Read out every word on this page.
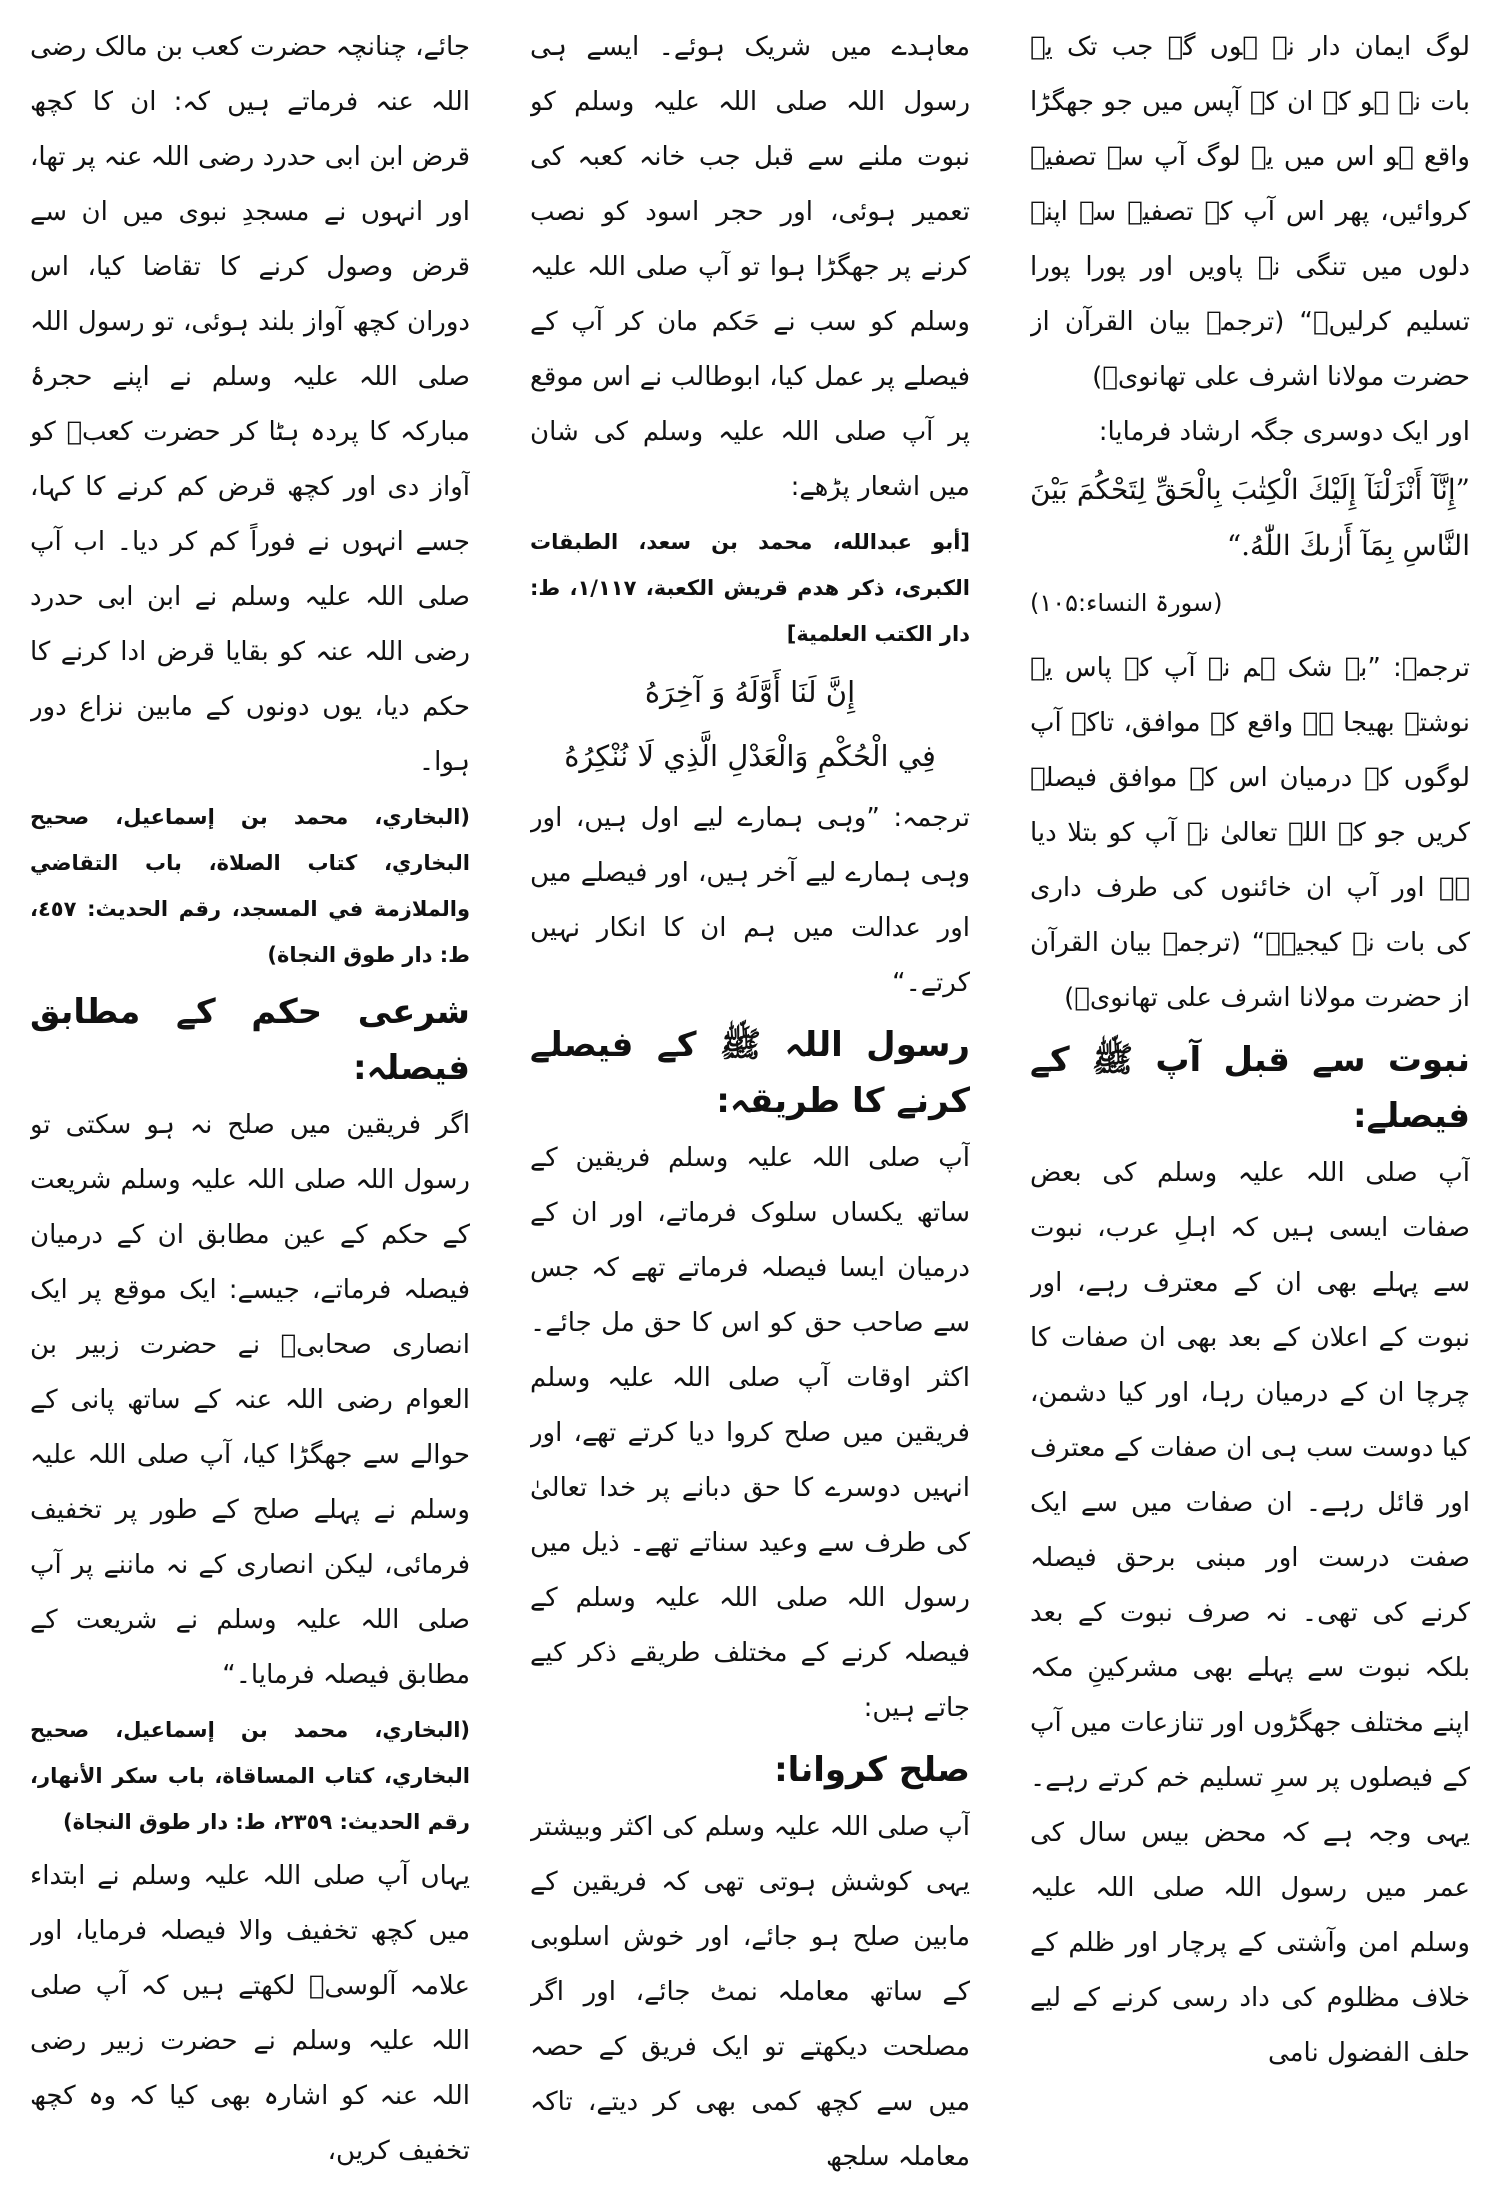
لوگ ایمان دار نہ ہوں گے جب تک یہ بات نہ ہو کہ ان کے آپس میں جو جھگڑا واقع ہو اس میں یہ لوگ آپ سے تصفیہ کروائیں، پھر اس آپ کے تصفیہ سے اپنے دلوں میں تنگی نہ پاویں اور پورا پورا تسلیم کرلیں۔“ (ترجمہ بیان القرآن از حضرت مولانا اشرف علی تھانویؒ)

اور ایک دوسری جگہ ارشاد فرمایا:

”إِنَّآ أَنْزَلْنَآ إِلَيْكَ الْكِتٰبَ بِالْحَقِّ لِتَحْكُمَ بَيْنَ النَّاسِ بِمَآ أَرٰىكَ اللّٰهُ.“

(سورۃ النساء:۱۰۵)

ترجمہ: ”بے شک ہم نے آپ کے پاس یہ نوشتہ بھیجا ہے واقع کے موافق، تاکہ آپ لوگوں کے درمیان اس کے موافق فیصلہ کریں جو کہ اللہ تعالیٰ نے آپ کو بتلا دیا ہے اور آپ ان خائنوں کی طرف داری کی بات نہ کیجیے۔“ (ترجمہ بیان القرآن از حضرت مولانا اشرف علی تھانویؒ)

نبوت سے قبل آپ ﷺ کے فیصلے:

آپ صلی اللہ علیہ وسلم کی بعض صفات ایسی ہیں کہ اہلِ عرب، نبوت سے پہلے بھی ان کے معترف رہے، اور نبوت کے اعلان کے بعد بھی ان صفات کا چرچا ان کے درمیان رہا، اور کیا دشمن، کیا دوست سب ہی ان صفات کے معترف اور قائل رہے۔ ان صفات میں سے ایک صفت درست اور مبنی برحق فیصلہ کرنے کی تھی۔ نہ صرف نبوت کے بعد بلکہ نبوت سے پہلے بھی مشرکینِ مکہ اپنے مختلف جھگڑوں اور تنازعات میں آپ کے فیصلوں پر سرِ تسلیم خم کرتے رہے۔ یہی وجہ ہے کہ محض بیس سال کی عمر میں رسول اللہ صلی اللہ علیہ وسلم امن وآشتی کے پرچار اور ظلم کے خلاف مظلوم کی داد رسی کرنے کے لیے حلف الفضول نامی

معاہدے میں شریک ہوئے۔ ایسے ہی رسول اللہ صلی اللہ علیہ وسلم کو نبوت ملنے سے قبل جب خانہ کعبہ کی تعمیر ہوئی، اور حجر اسود کو نصب کرنے پر جھگڑا ہوا تو آپ صلی اللہ علیہ وسلم کو سب نے حَکم مان کر آپ کے فیصلے پر عمل کیا، ابوطالب نے اس موقع پر آپ صلی اللہ علیہ وسلم کی شان میں اشعار پڑھے:

[أبو عبدالله، محمد بن سعد، الطبقات الكبرى، ذكر هدم قريش الكعبة، ١/١١٧، ط: دار الكتب العلمية]

إِنَّ لَنَا أَوَّلَهُ وَ آخِرَهُ

فِي الْحُكْمِ وَالْعَدْلِ الَّذِي لَا نُنْكِرُهُ

ترجمہ: ”وہی ہمارے لیے اول ہیں، اور وہی ہمارے لیے آخر ہیں، اور فیصلے میں اور عدالت میں ہم ان کا انکار نہیں کرتے۔“

رسول اللہ ﷺ کے فیصلے کرنے کا طریقہ:

آپ صلی اللہ علیہ وسلم فریقین کے ساتھ یکساں سلوک فرماتے، اور ان کے درمیان ایسا فیصلہ فرماتے تھے کہ جس سے صاحب حق کو اس کا حق مل جائے۔ اکثر اوقات آپ صلی اللہ علیہ وسلم فریقین میں صلح کروا دیا کرتے تھے، اور انہیں دوسرے کا حق دبانے پر خدا تعالیٰ کی طرف سے وعید سناتے تھے۔ ذیل میں رسول اللہ صلی اللہ علیہ وسلم کے فیصلہ کرنے کے مختلف طریقے ذکر کیے جاتے ہیں:

صلح کروانا:

آپ صلی اللہ علیہ وسلم کی اکثر وبیشتر یہی کوشش ہوتی تھی کہ فریقین کے مابین صلح ہو جائے، اور خوش اسلوبی کے ساتھ معاملہ نمٹ جائے، اور اگر مصلحت دیکھتے تو ایک فریق کے حصہ میں سے کچھ کمی بھی کر دیتے، تاکہ معاملہ سلجھ

جائے، چنانچہ حضرت کعب بن مالک رضی اللہ عنہ فرماتے ہیں کہ: ان کا کچھ قرض ابن ابی حدرد رضی اللہ عنہ پر تھا، اور انہوں نے مسجدِ نبوی میں ان سے قرض وصول کرنے کا تقاضا کیا، اس دوران کچھ آواز بلند ہوئی، تو رسول اللہ صلی اللہ علیہ وسلم نے اپنے حجرۂ مبارکہ کا پردہ ہٹا کر حضرت کعبؓ کو آواز دی اور کچھ قرض کم کرنے کا کہا، جسے انہوں نے فوراً کم کر دیا۔ اب آپ صلی اللہ علیہ وسلم نے ابن ابی حدرد رضی اللہ عنہ کو بقایا قرض ادا کرنے کا حکم دیا، یوں دونوں کے مابین نزاع دور ہوا۔

(البخاري، محمد بن إسماعيل، صحيح البخاري، كتاب الصلاة، باب التقاضي والملازمة في المسجد، رقم الحديث: ٤٥٧، ط: دار طوق النجاة)

شرعی حکم کے مطابق فیصلہ:

اگر فریقین میں صلح نہ ہو سکتی تو رسول اللہ صلی اللہ علیہ وسلم شریعت کے حکم کے عین مطابق ان کے درمیان فیصلہ فرماتے، جیسے: ایک موقع پر ایک انصاری صحابیؓ نے حضرت زبیر بن العوام رضی اللہ عنہ کے ساتھ پانی کے حوالے سے جھگڑا کیا، آپ صلی اللہ علیہ وسلم نے پہلے صلح کے طور پر تخفیف فرمائی، لیکن انصاری کے نہ ماننے پر آپ صلی اللہ علیہ وسلم نے شریعت کے مطابق فیصلہ فرمایا۔“

(البخاري، محمد بن إسماعيل، صحيح البخاري، كتاب المساقاة، باب سكر الأنهار، رقم الحديث: ٢٣٥٩، ط: دار طوق النجاة)

یہاں آپ صلی اللہ علیہ وسلم نے ابتداء میں کچھ تخفیف والا فیصلہ فرمایا، اور علامہ آلوسیؒ لکھتے ہیں کہ آپ صلی اللہ علیہ وسلم نے حضرت زبیر رضی اللہ عنہ کو اشارہ بھی کیا کہ وہ کچھ تخفیف کریں،
